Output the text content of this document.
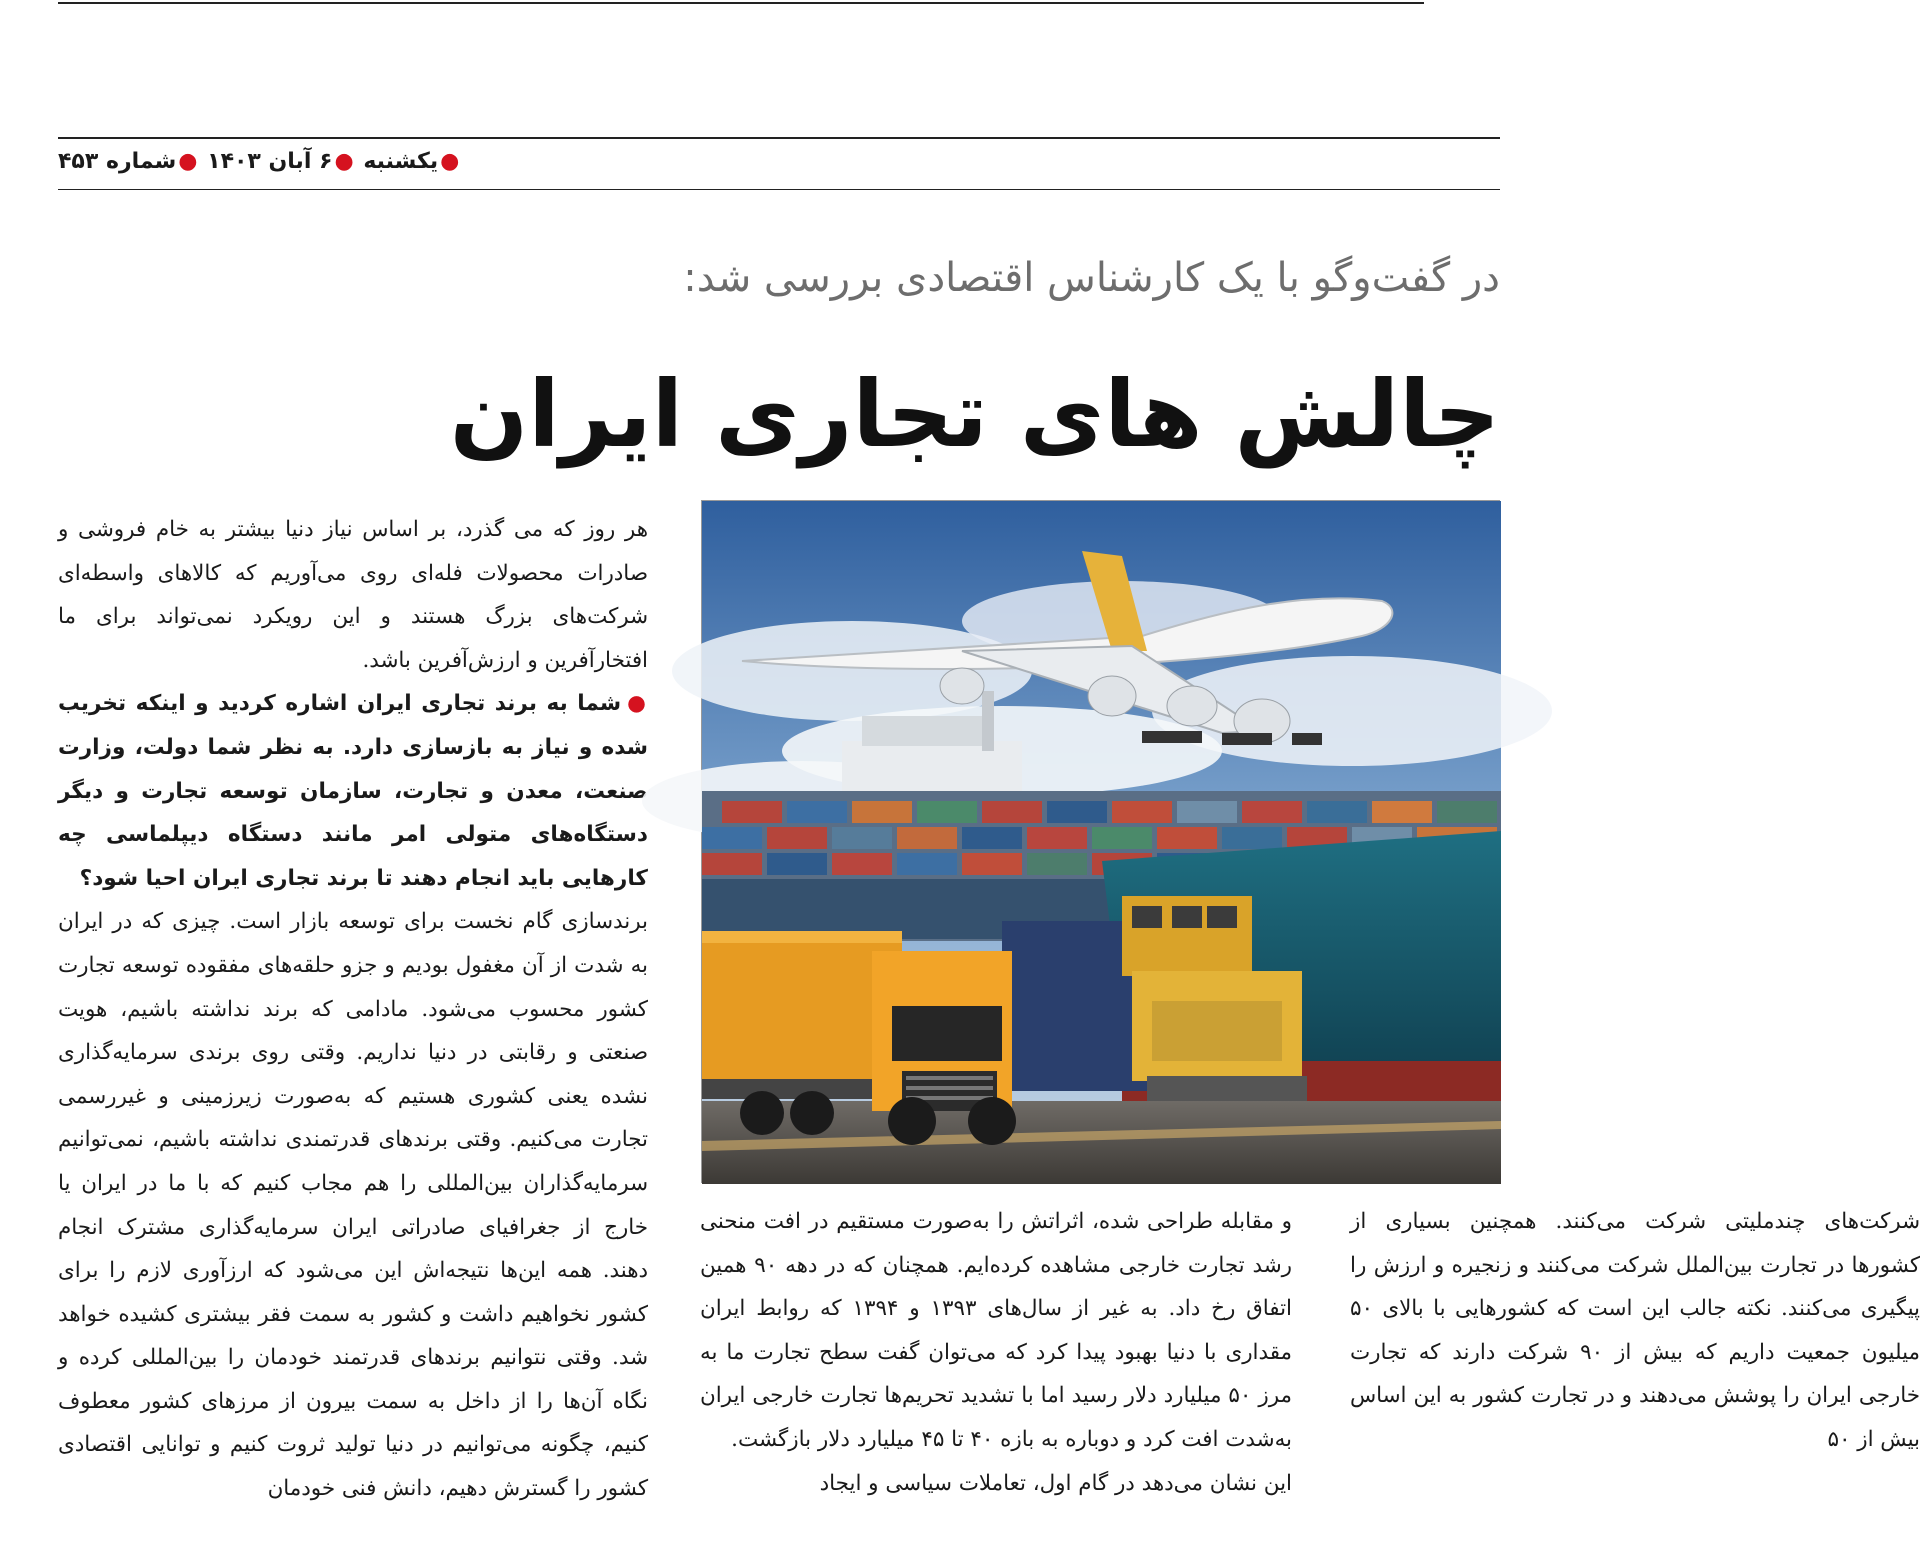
●یکشنبه ●۶ آبان ۱۴۰۳ ●شماره ۴۵۳
در گفت‌وگو با یک کارشناس اقتصادی بررسی شد:
چالش های تجاری ایران

هر روز که می گذرد، بر اساس نیاز دنیا بیشتر به خام فروشی و صادرات محصولات فله‌ای روی می‌آوریم که کالاهای واسطه‌ای شرکت‌های بزرگ هستند و این رویکرد نمی‌تواند برای ما افتخارآفرین و ارزش‌آفرین باشد.

●شما به برند تجاری ایران اشاره کردید و اینکه تخریب شده و نیاز به بازسازی دارد. به نظر شما دولت، وزارت صنعت، معدن و تجارت، سازمان توسعه تجارت و دیگر دستگاه‌های متولی امر مانند دستگاه دیپلماسی چه کارهایی باید انجام دهند تا برند تجاری ایران احیا شود؟

برندسازی گام نخست برای توسعه بازار است. چیزی که در ایران به شدت از آن مغفول بودیم و جزو حلقه‌های مفقوده توسعه تجارت کشور محسوب می‌شود. مادامی که برند نداشته باشیم، هویت صنعتی و رقابتی در دنیا نداریم. وقتی روی برندی سرمایه‌گذاری نشده یعنی کشوری هستیم که به‌صورت زیرزمینی و غیررسمی تجارت می‌کنیم. وقتی برندهای قدرتمندی نداشته باشیم، نمی‌توانیم سرمایه‌گذاران بین‌المللی را هم مجاب کنیم که با ما در ایران یا خارج از جغرافیای صادراتی ایران سرمایه‌گذاری مشترک انجام دهند. همه این‌ها نتیجه‌اش این می‌شود که ارزآوری لازم را برای کشور نخواهیم داشت و کشور به سمت فقر بیشتری کشیده خواهد شد. وقتی نتوانیم برندهای قدرتمند خودمان را بین‌المللی کرده و نگاه آن‌ها را از داخل به سمت بیرون از مرزهای کشور معطوف کنیم، چگونه می‌توانیم در دنیا تولید ثروت کنیم و توانایی اقتصادی کشور را گسترش دهیم، دانش فنی خودمان

و مقابله طراحی شده، اثراتش را به‌صورت مستقیم در افت منحنی رشد تجارت خارجی مشاهده کرده‌ایم. همچنان که در دهه ۹۰ همین اتفاق رخ داد. به غیر از سال‌های ۱۳۹۳ و ۱۳۹۴ که روابط ایران مقداری با دنیا بهبود پیدا کرد که می‌توان گفت سطح تجارت ما به مرز ۵۰ میلیارد دلار رسید اما با تشدید تحریم‌ها تجارت خارجی ایران به‌شدت افت کرد و دوباره به بازه ۴۰ تا ۴۵ میلیارد دلار بازگشت.

این نشان می‌دهد در گام اول، تعاملات سیاسی و ایجاد

شرکت‌های چندملیتی شرکت می‌کنند. همچنین بسیاری از کشورها در تجارت بین‌الملل شرکت می‌کنند و زنجیره و ارزش را پیگیری می‌کنند. نکته جالب این است که کشورهایی با بالای ۵۰ میلیون جمعیت داریم که بیش از ۹۰ شرکت دارند که تجارت خارجی ایران را پوشش می‌دهند و در تجارت کشور به این اساس بیش از ۵۰
